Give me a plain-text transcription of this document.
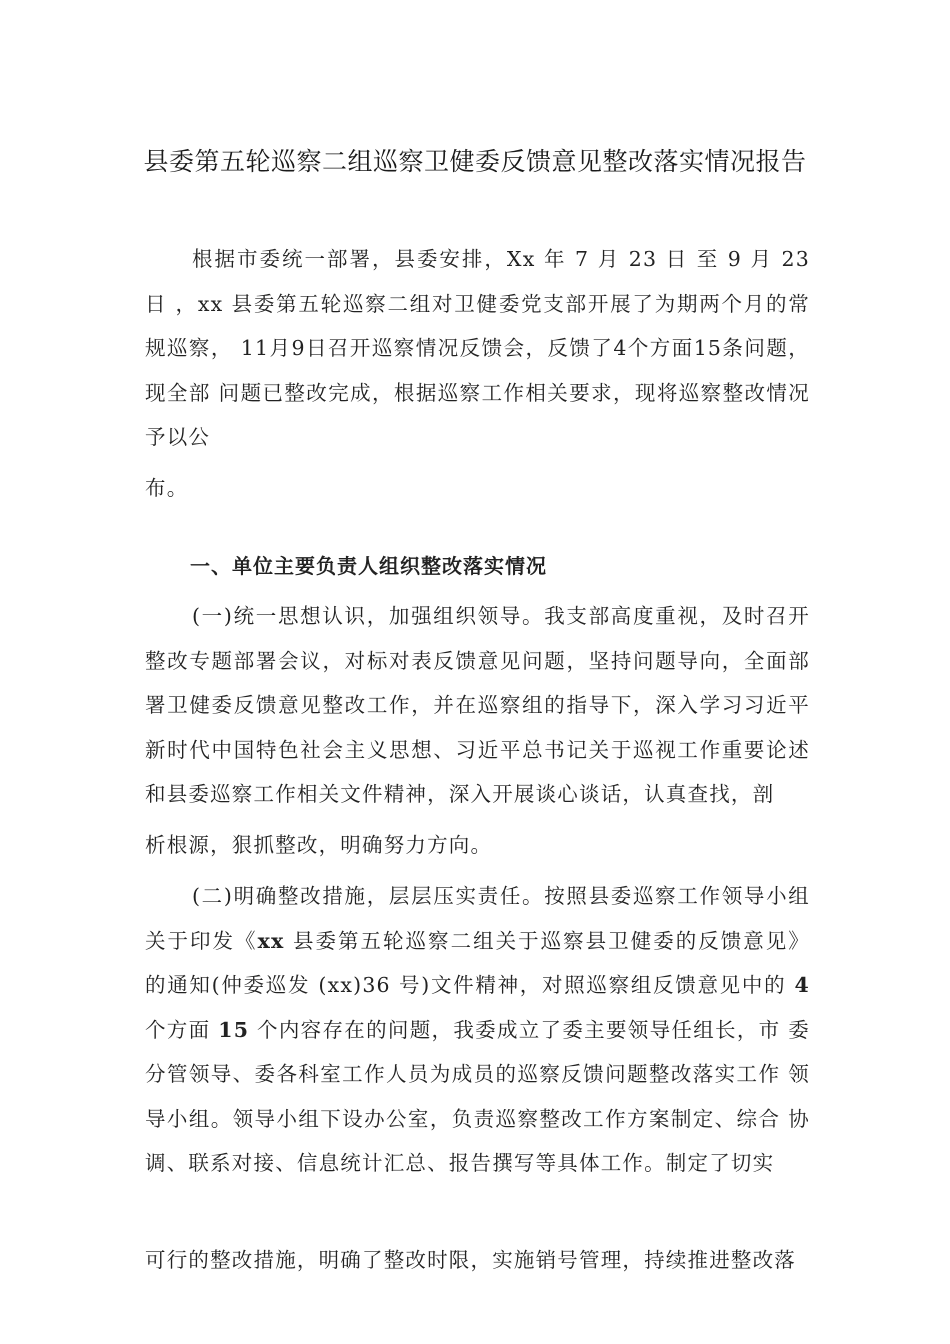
县委第五轮巡察二组巡察卫健委反馈意见整改落实情况报告

根据市委统一部署，县委安排，Xx 年 7 月 23 日 至 9 月 23 日 ，xx 县委第五轮巡察二组对卫健委党支部开展了为期两个月的常规巡察， 11月9日召开巡察情况反馈会，反馈了4个方面15条问题，现全部 问题已整改完成，根据巡察工作相关要求，现将巡察整改情况予以公

布。

一、单位主要负责人组织整改落实情况

(一)统一思想认识，加强组织领导。我支部高度重视，及时召开整改专题部署会议，对标对表反馈意见问题，坚持问题导向，全面部署卫健委反馈意见整改工作，并在巡察组的指导下，深入学习习近平新时代中国特色社会主义思想、习近平总书记关于巡视工作重要论述和县委巡察工作相关文件精神，深入开展谈心谈话，认真查找，剖

析根源，狠抓整改，明确努力方向。

(二)明确整改措施，层层压实责任。按照县委巡察工作领导小组关于印发《xx 县委第五轮巡察二组关于巡察县卫健委的反馈意见》 的通知(仲委巡发 (xx)36 号)文件精神，对照巡察组反馈意见中的 4 个方面 15 个内容存在的问题，我委成立了委主要领导任组长，市 委分管领导、委各科室工作人员为成员的巡察反馈问题整改落实工作 领导小组。领导小组下设办公室，负责巡察整改工作方案制定、综合 协调、联系对接、信息统计汇总、报告撰写等具体工作。制定了切实

可行的整改措施，明确了整改时限，实施销号管理，持续推进整改落
